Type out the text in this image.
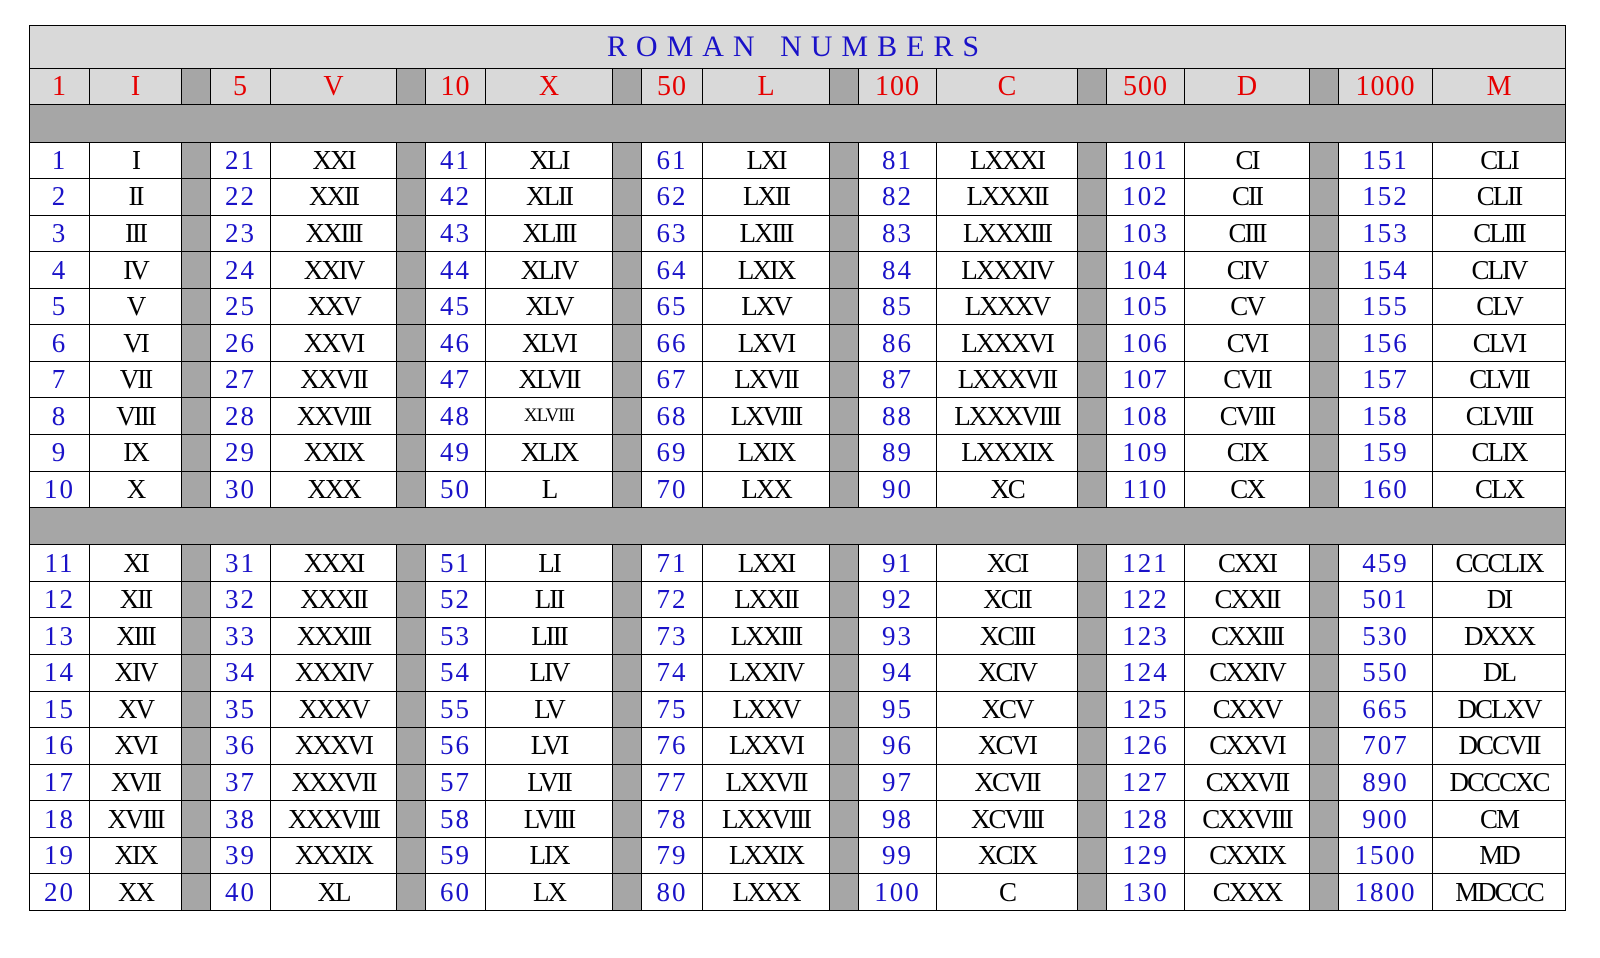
ROMAN NUMBERS																			
1	I		5	V		10	X		50	L		100	C		500	D		1000	M

1	I		21	XXI		41	XLI		61	LXI		81	LXXXI		101	CI		151	CLI
2	II		22	XXII		42	XLII		62	LXII		82	LXXXII		102	CII		152	CLII
3	III		23	XXIII		43	XLIII		63	LXIII		83	LXXXIII		103	CIII		153	CLIII
4	IV		24	XXIV		44	XLIV		64	LXIX		84	LXXXIV		104	CIV		154	CLIV
5	V		25	XXV		45	XLV		65	LXV		85	LXXXV		105	CV		155	CLV
6	VI		26	XXVI		46	XLVI		66	LXVI		86	LXXXVI		106	CVI		156	CLVI
7	VII		27	XXVII		47	XLVII		67	LXVII		87	LXXXVII		107	CVII		157	CLVII
8	VIII		28	XXVIII		48	XLVIII		68	LXVIII		88	LXXXVIII		108	CVIII		158	CLVIII
9	IX		29	XXIX		49	XLIX		69	LXIX		89	LXXXIX		109	CIX		159	CLIX
10	X		30	XXX		50	L		70	LXX		90	XC		110	CX		160	CLX

11	XI		31	XXXI		51	LI		71	LXXI		91	XCI		121	CXXI		459	CCCLIX
12	XII		32	XXXII		52	LII		72	LXXII		92	XCII		122	CXXII		501	DI
13	XIII		33	XXXIII		53	LIII		73	LXXIII		93	XCIII		123	CXXIII		530	DXXX
14	XIV		34	XXXIV		54	LIV		74	LXXIV		94	XCIV		124	CXXIV		550	DL
15	XV		35	XXXV		55	LV		75	LXXV		95	XCV		125	CXXV		665	DCLXV
16	XVI		36	XXXVI		56	LVI		76	LXXVI		96	XCVI		126	CXXVI		707	DCCVII
17	XVII		37	XXXVII		57	LVII		77	LXXVII		97	XCVII		127	CXXVII		890	DCCCXC
18	XVIII		38	XXXVIII		58	LVIII		78	LXXVIII		98	XCVIII		128	CXXVIII		900	CM
19	XIX		39	XXXIX		59	LIX		79	LXXIX		99	XCIX		129	CXXIX		1500	MD
20	XX		40	XL		60	LX		80	LXXX		100	C		130	CXXX		1800	MDCCC
